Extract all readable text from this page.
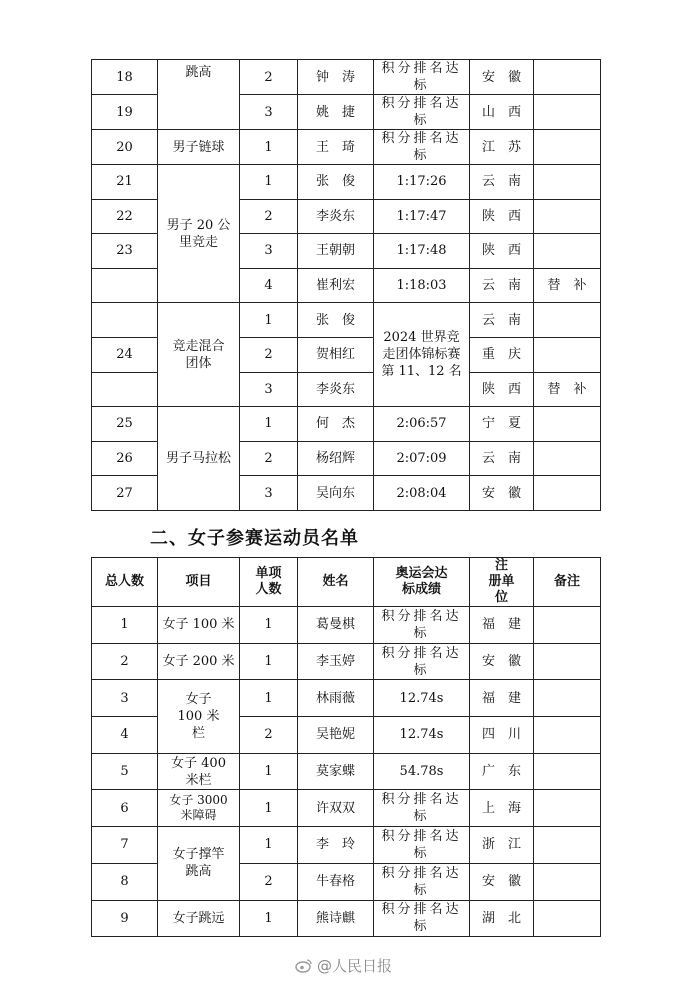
18	跳高	2	钟　涛	积分排名达标	安　徽	
19		3	姚　捷	积分排名达标	山　西	
20	男子链球	1	王　琦	积分排名达标	江　苏	
21	男子 20 公里竞走	1	张　俊	1:17:26	云　南	
22		2	李炎东	1:17:47	陕　西	
23		3	王朝朝	1:17:48	陕　西	
		4	崔利宏	1:18:03	云　南	替　补
	竞走混合团体	1	张　俊	2024 世界竞走团体锦标赛第 11、12 名	云　南	
24		2	贺相红		重　庆	
		3	李炎东		陕　西	替　补
25	男子马拉松	1	何　杰	2:06:57	宁　夏	
26		2	杨绍辉	2:07:09	云　南	
27		3	吴向东	2:08:04	安　徽	
二、女子参赛运动员名单
总人数	项目	单项人数	姓名	奥运会达标成绩	注　册单　位	备注
1	女子 100 米	1	葛曼棋	积分排名达标	福　建	
2	女子 200 米	1	李玉婷	积分排名达标	安　徽	
3	女子 100 米栏	1	林雨薇	12.74s	福　建	
4		2	吴艳妮	12.74s	四　川	
5	女子 400 米栏	1	莫家蝶	54.78s	广　东	
6	女子 3000 米障碍	1	许双双	积分排名达标	上　海	
7	女子撑竿跳高	1	李　玲	积分排名达标	浙　江	
8		2	牛春格	积分排名达标	安　徽	
9	女子跳远	1	熊诗麒	积分排名达标	湖　北	
@人民日报
